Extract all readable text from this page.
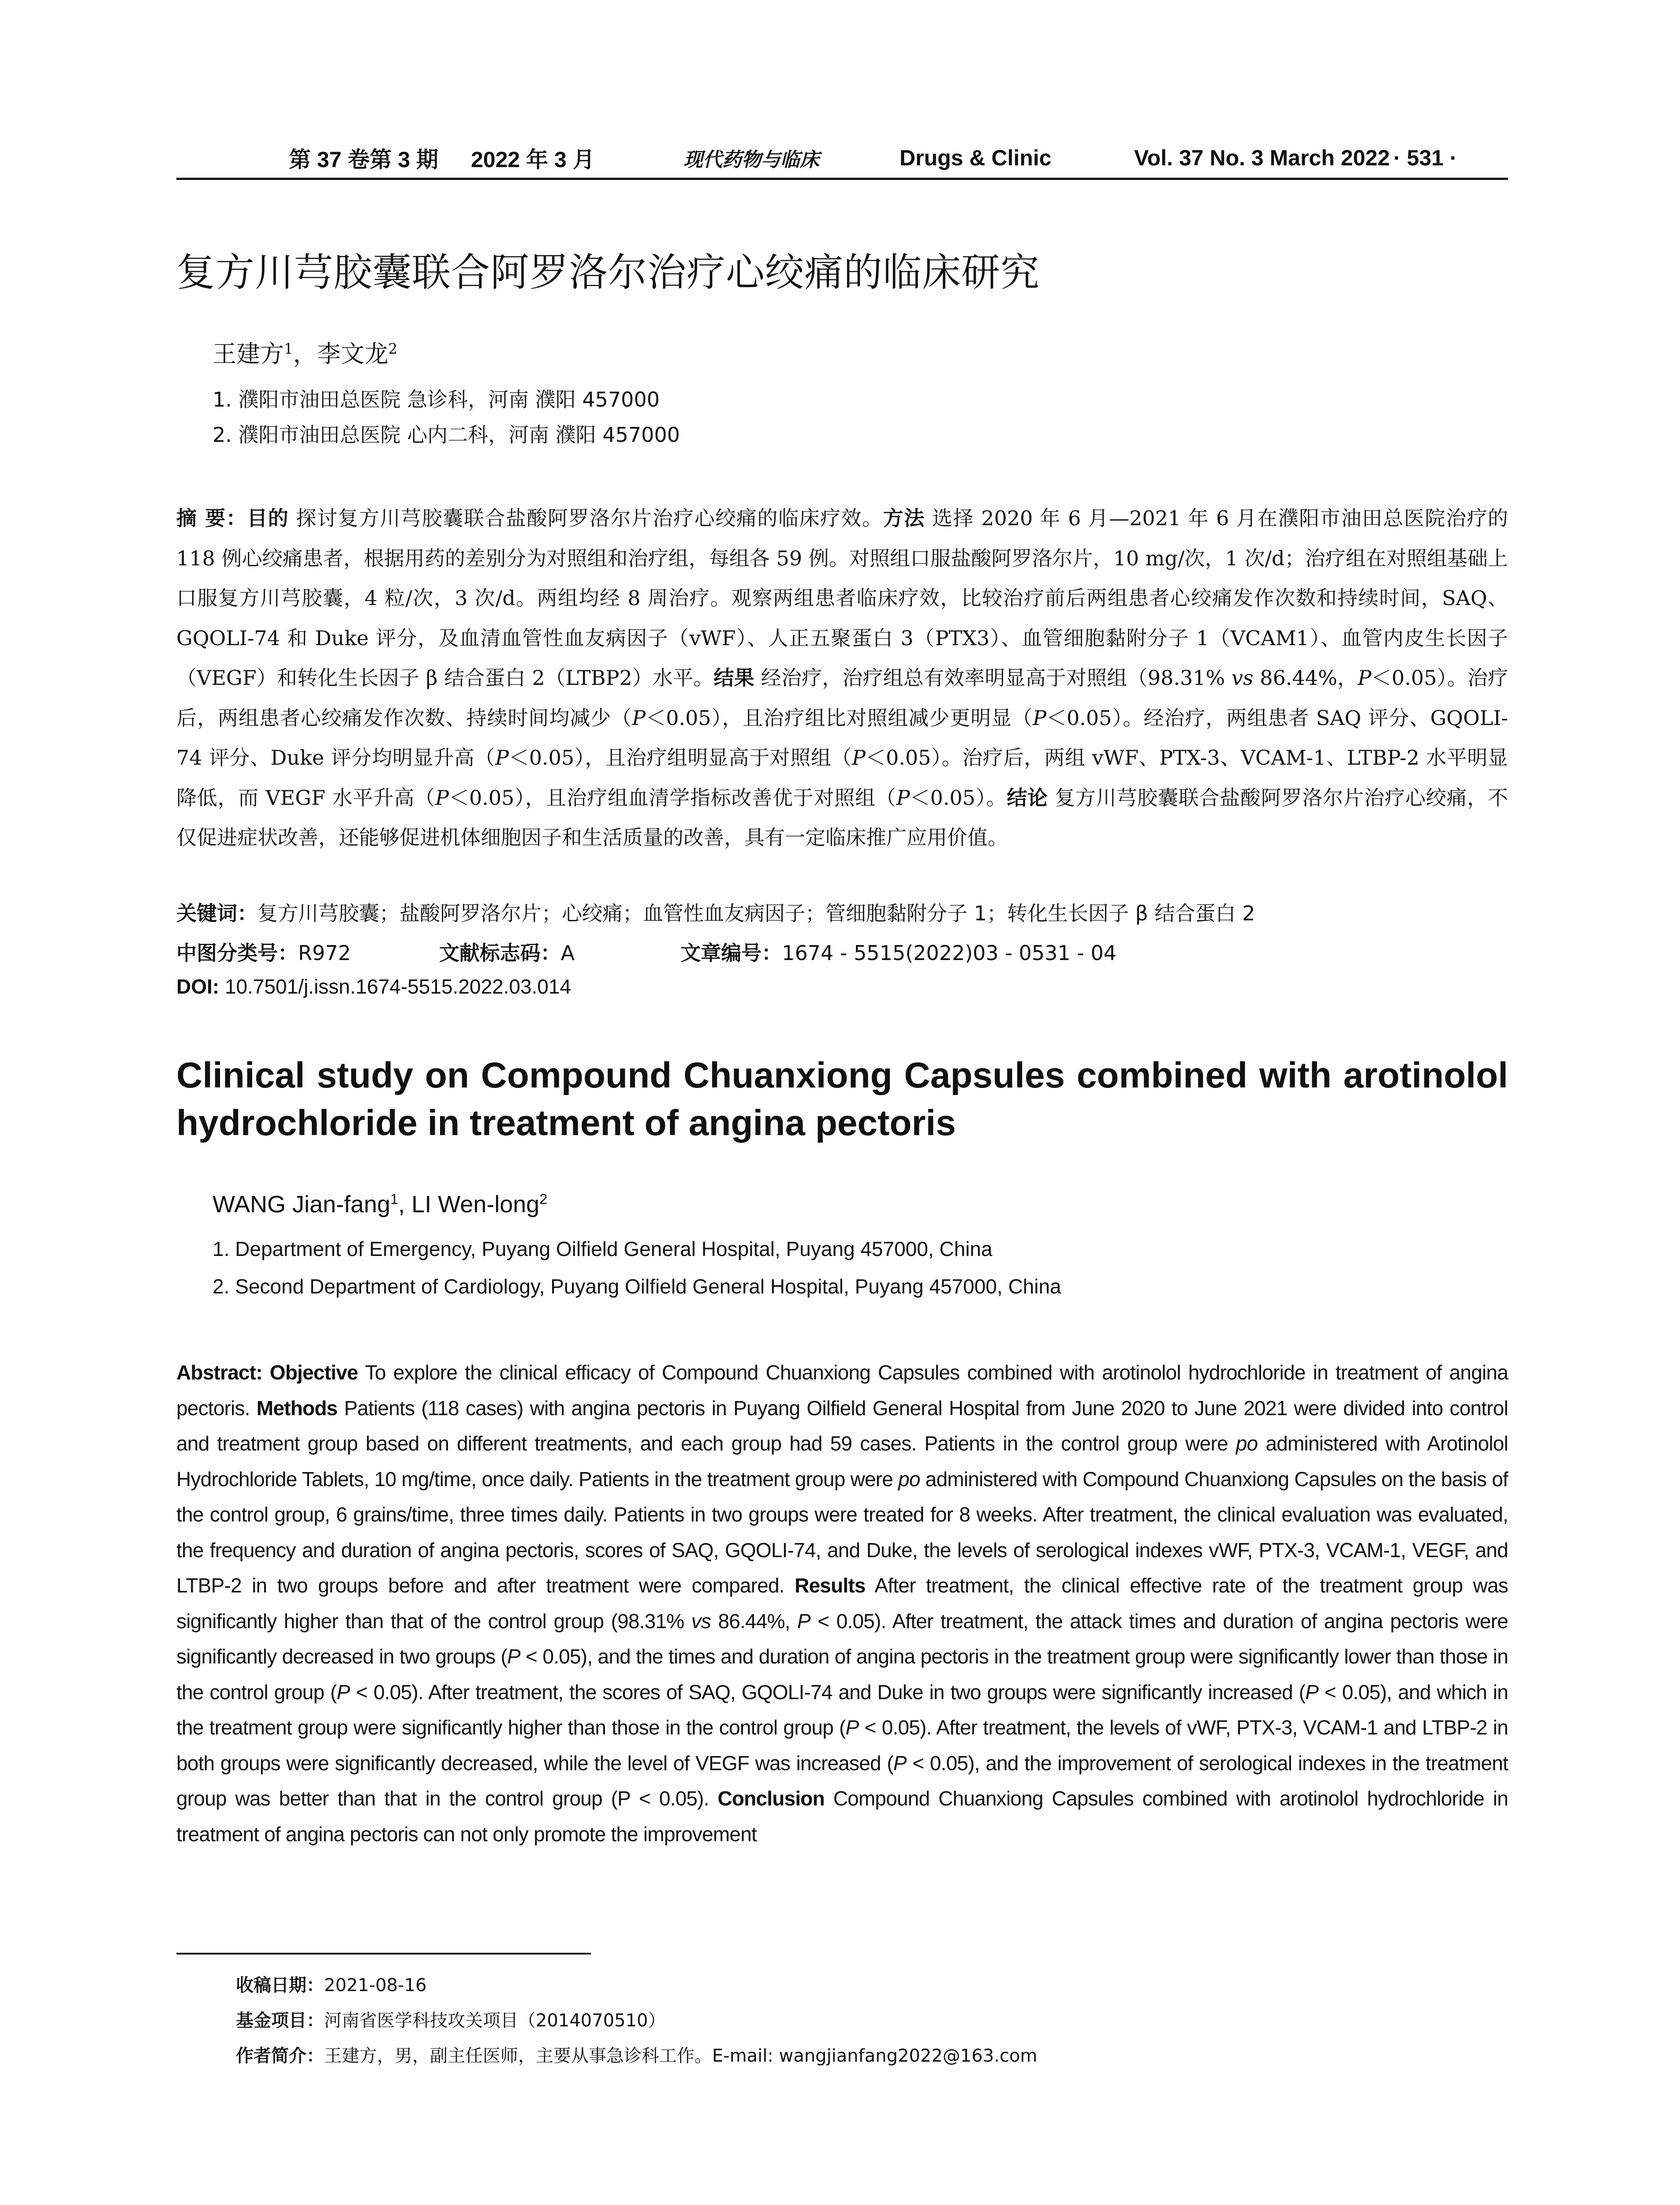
第 37 卷第 3 期 2022 年 3 月	现代药物与临床	Drugs & Clinic	Vol. 37 No. 3 March 2022 · 531 ·
复方川芎胶囊联合阿罗洛尔治疗心绞痛的临床研究
王建方$^1$，李文龙$^2$
1. 濮阳市油田总医院 急诊科，河南 濮阳 457000
2. 濮阳市油田总医院 心内二科，河南 濮阳 457000
摘 要：目的 探讨复方川芎胶囊联合盐酸阿罗洛尔片治疗心绞痛的临床疗效。方法 选择 2020 年 6 月—2021 年 6 月在濮阳市油田总医院治疗的 118 例心绞痛患者，根据用药的差别分为对照组和治疗组，每组各 59 例。对照组口服盐酸阿罗洛尔片，10 mg/次，1 次/d；治疗组在对照组基础上口服复方川芎胶囊，4 粒/次，3 次/d。两组均经 8 周治疗。观察两组患者临床疗效，比较治疗前后两组患者心绞痛发作次数和持续时间，SAQ、GQOLI-74 和 Duke 评分，及血清血管性血友病因子（vWF）、人正五聚蛋白 3（PTX3）、血管细胞黏附分子 1（VCAM1）、血管内皮生长因子（VEGF）和转化生长因子 β 结合蛋白 2（LTBP2）水平。结果 经治疗，治疗组总有效率明显高于对照组（98.31% vs 86.44%，P＜0.05）。治疗后，两组患者心绞痛发作次数、持续时间均减少（P＜0.05），且治疗组比对照组减少更明显（P＜0.05）。经治疗，两组患者 SAQ 评分、GQOLI-74 评分、Duke 评分均明显升高（P＜0.05），且治疗组明显高于对照组（P＜0.05）。治疗后，两组 vWF、PTX-3、VCAM-1、LTBP-2 水平明显降低，而 VEGF 水平升高（P＜0.05），且治疗组血清学指标改善优于对照组（P＜0.05）。结论 复方川芎胶囊联合盐酸阿罗洛尔片治疗心绞痛，不仅促进症状改善，还能够促进机体细胞因子和生活质量的改善，具有一定临床推广应用价值。
关键词：复方川芎胶囊；盐酸阿罗洛尔片；心绞痛；血管性血友病因子；管细胞黏附分子 1；转化生长因子 β 结合蛋白 2
中图分类号：R972	文献标志码：A	文章编号：1674 - 5515(2022)03 - 0531 - 04
DOI: 10.7501/j.issn.1674-5515.2022.03.014
Clinical study on Compound Chuanxiong Capsules combined with arotinolol hydrochloride in treatment of angina pectoris
WANG Jian-fang$^1$, LI Wen-long$^2$
1. Department of Emergency, Puyang Oilfield General Hospital, Puyang 457000, China
2. Second Department of Cardiology, Puyang Oilfield General Hospital, Puyang 457000, China
Abstract: Objective To explore the clinical efficacy of Compound Chuanxiong Capsules combined with arotinolol hydrochloride in treatment of angina pectoris. Methods Patients (118 cases) with angina pectoris in Puyang Oilfield General Hospital from June 2020 to June 2021 were divided into control and treatment group based on different treatments, and each group had 59 cases. Patients in the control group were po administered with Arotinolol Hydrochloride Tablets, 10 mg/time, once daily. Patients in the treatment group were po administered with Compound Chuanxiong Capsules on the basis of the control group, 6 grains/time, three times daily. Patients in two groups were treated for 8 weeks. After treatment, the clinical evaluation was evaluated, the frequency and duration of angina pectoris, scores of SAQ, GQOLI-74, and Duke, the levels of serological indexes vWF, PTX-3, VCAM-1, VEGF, and LTBP-2 in two groups before and after treatment were compared. Results After treatment, the clinical effective rate of the treatment group was significantly higher than that of the control group (98.31% vs 86.44%, P < 0.05). After treatment, the attack times and duration of angina pectoris were significantly decreased in two groups (P < 0.05), and the times and duration of angina pectoris in the treatment group were significantly lower than those in the control group (P < 0.05). After treatment, the scores of SAQ, GQOLI-74 and Duke in two groups were significantly increased (P < 0.05), and which in the treatment group were significantly higher than those in the control group (P < 0.05). After treatment, the levels of vWF, PTX-3, VCAM-1 and LTBP-2 in both groups were significantly decreased, while the level of VEGF was increased (P < 0.05), and the improvement of serological indexes in the treatment group was better than that in the control group (P < 0.05). Conclusion Compound Chuanxiong Capsules combined with arotinolol hydrochloride in treatment of angina pectoris can not only promote the improvement
收稿日期：2021-08-16
基金项目：河南省医学科技攻关项目（2014070510）
作者简介：王建方，男，副主任医师，主要从事急诊科工作。E-mail: wangjianfang2022@163.com
